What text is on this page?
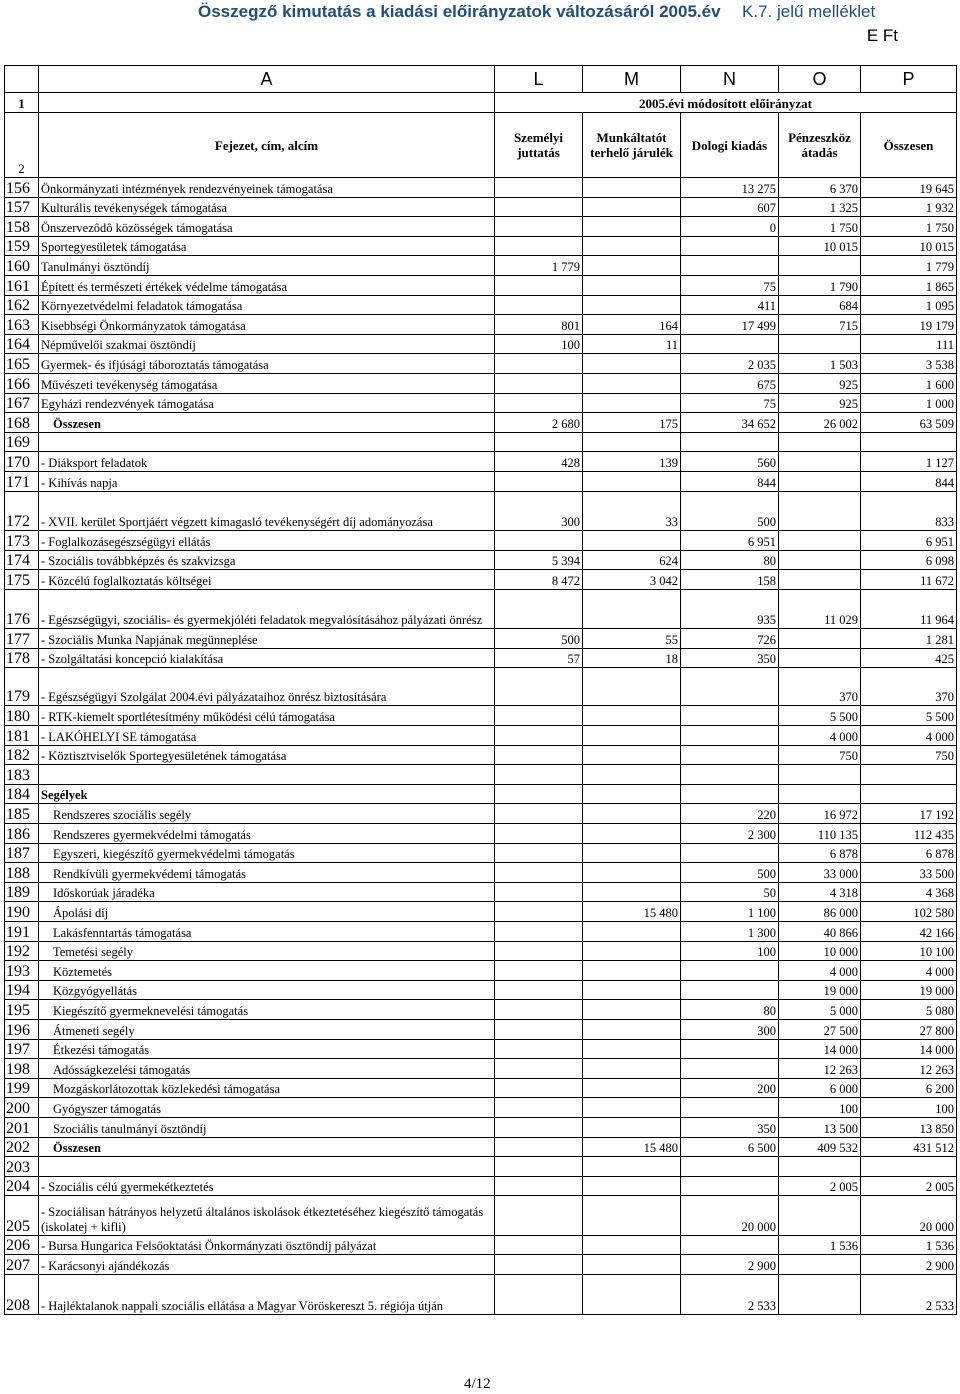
Összegző kimutatás a kiadási előirányzatok változásáról 2005.év K.7. jelű melléklet
E Ft
	A	L	M	N	O	P
1		2005.évi módosított előirányzat				
2	Fejezet, cím, alcím	Személyi juttatás	Munkáltatót terhelő járulék	Dologi kiadás	Pénzeszköz átadás	Összesen
156	Önkormányzati intézmények rendezvényeinek támogatása			13 275	6 370	19 645
157	Kulturális tevékenységek támogatása			607	1 325	1 932
158	Önszervezôdô közösségek támogatása			0	1 750	1 750
159	Sportegyesületek támogatása				10 015	10 015
160	Tanulmányi ösztöndíj	1 779				1 779
161	Épített és természeti értékek védelme támogatása			75	1 790	1 865
162	Környezetvédelmi feladatok támogatása			411	684	1 095
163	Kisebbségi Önkormányzatok támogatása	801	164	17 499	715	19 179
164	Népművelői szakmai ösztöndíj	100	11			111
165	Gyermek- és ifjúsági táboroztatás támogatása			2 035	1 503	3 538
166	Művészeti tevékenység támogatása			675	925	1 600
167	Egyházi rendezvények támogatása			75	925	1 000
168	Összesen	2 680	175	34 652	26 002	63 509
169						
170	- Diáksport feladatok	428	139	560		1 127
171	- Kihívás napja			844		844
172	- XVII. kerület Sportjáért végzett kimagasló tevékenységért díj adományozása	300	33	500		833
173	- Foglalkozásegészségügyi ellátás			6 951		6 951
174	- Szociális továbbképzés és szakvizsga	5 394	624	80		6 098
175	- Közcélú foglalkoztatás költségei	8 472	3 042	158		11 672
176	- Egészségügyi, szociális- és gyermekjóléti feladatok megvalósításához pályázati önrész			935	11 029	11 964
177	- Szociális Munka Napjának megünneplése	500	55	726		1 281
178	- Szolgáltatási koncepció kialakítása	57	18	350		425
179	- Egészségügyi Szolgálat 2004.évi pályázataihoz önrész biztosítására				370	370
180	- RTK-kiemelt sportlétesítmény működési célú támogatása				5 500	5 500
181	- LAKÓHELYI SE támogatása				4 000	4 000
182	- Köztisztviselők Sportegyesületének támogatása				750	750
183						
184	Segélyek					
185	Rendszeres szociális segély			220	16 972	17 192
186	Rendszeres gyermekvédelmi támogatás			2 300	110 135	112 435
187	Egyszeri, kiegészítő gyermekvédelmi támogatás				6 878	6 878
188	Rendkívüli gyermekvédemi támogatás			500	33 000	33 500
189	Időskorúak járadéka			50	4 318	4 368
190	Ápolási díj		15 480	1 100	86 000	102 580
191	Lakásfenntartás támogatása			1 300	40 866	42 166
192	Temetési segély			100	10 000	10 100
193	Köztemetés				4 000	4 000
194	Közgyógyellátás				19 000	19 000
195	Kiegészítő gyermeknevelési támogatás			80	5 000	5 080
196	Átmeneti segély			300	27 500	27 800
197	Étkezési támogatás				14 000	14 000
198	Adósságkezelési támogatás				12 263	12 263
199	Mozgáskorlátozottak közlekedési támogatása			200	6 000	6 200
200	Gyógyszer támogatás				100	100
201	Szociális tanulmányi ösztöndíj			350	13 500	13 850
202	Összesen		15 480	6 500	409 532	431 512
203						
204	- Szociális célú gyermekétkeztetés				2 005	2 005
205	- Szociálisan hátrányos helyzetű általános iskolások étkeztetéséhez kiegészítő támogatás (iskolatej + kifli)			20 000		20 000
206	- Bursa Hungarica Felsőoktatási Önkormányzati ösztöndíj pályázat				1 536	1 536
207	- Karácsonyi ajándékozás			2 900		2 900
208	- Hajléktalanok nappali szociális ellátása a Magyar Vöröskereszt 5. régiója útján			2 533		2 533
4/12
